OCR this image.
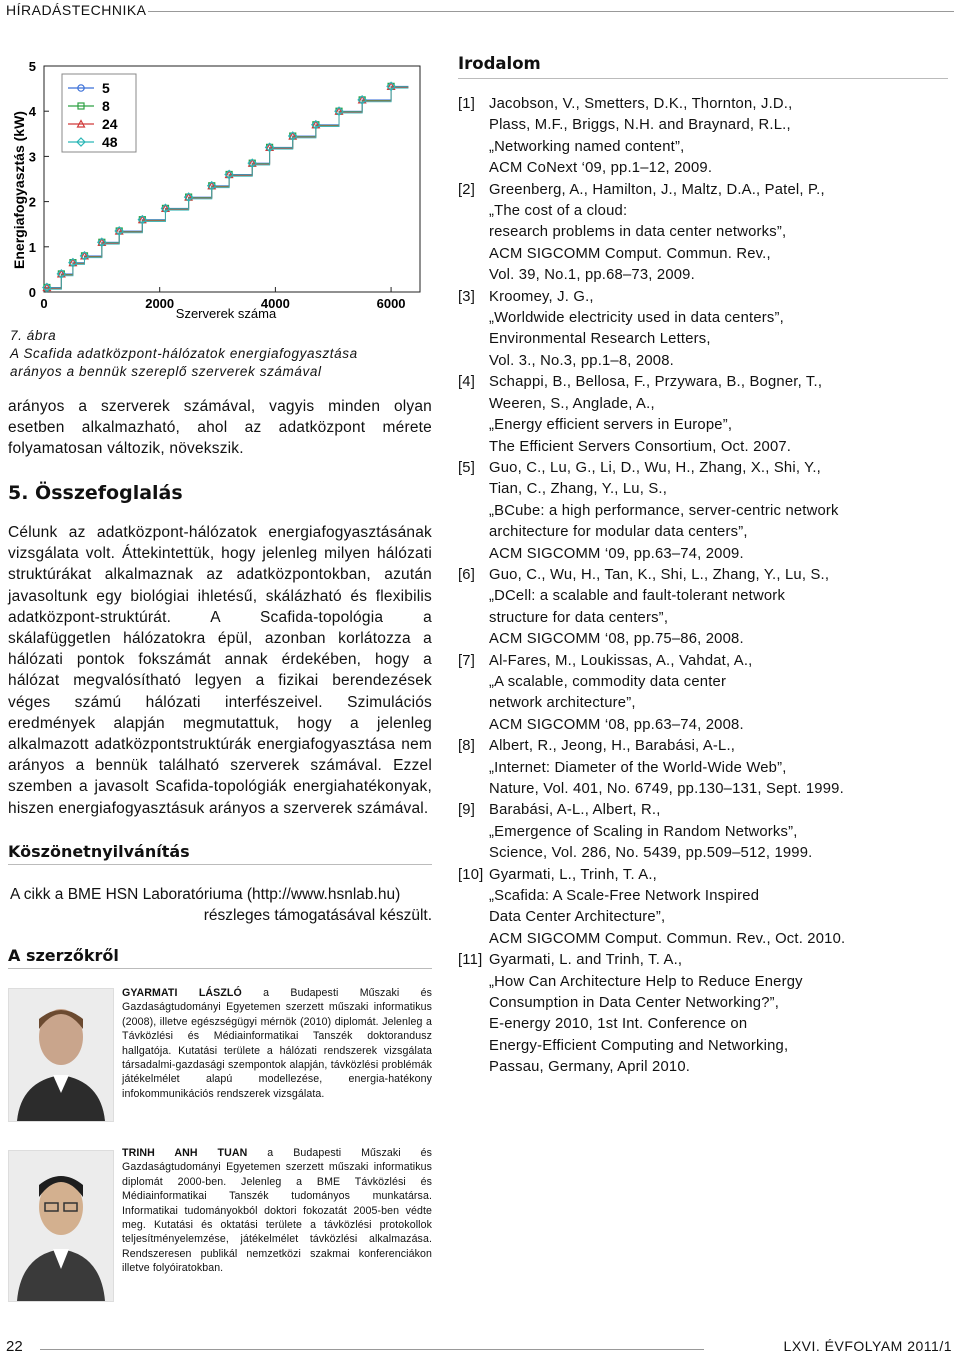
HÍRADÁSTECHNIKA
0
1
2
3
4
5
0	2000	4000	6000
5
8
24
48
Energiafogyasztás (kW)
Szerverek száma
7. ábra
A Scafida adatközpont-hálózatok energiafogyasztása
arányos a bennük szereplő szerverek számával

arányos a szerverek számával, vagyis minden olyan esetben alkalmazható, ahol az adatközpont mérete folyamatosan változik, növekszik.

5. Összefoglalás

Célunk az adatközpont-hálózatok energiafogyasztásának vizsgálata volt. Áttekintettük, hogy jelenleg milyen hálózati struktúrákat alkalmaznak az adatközpontokban, azután javasoltunk egy biológiai ihletésű, skálázható és flexibilis adatközpont-struktúrát. A Scafida-topológia a skálafüggetlen hálózatokra épül, azonban korlátozza a hálózati pontok fokszámát annak érdekében, hogy a hálózat megvalósítható legyen a fizikai berendezések véges számú hálózati interfészeivel. Szimulációs eredmények alapján megmutattuk, hogy a jelenleg alkalmazott adatközpontstruktúrák energiafogyasztása nem arányos a bennük található szerverek számával. Ezzel szemben a javasolt Scafida-topológiák energiahatékonyak, hiszen energiafogyasztásuk arányos a szerverek számával.

Köszönetnyilvánítás
A cikk a BME HSN Laboratóriuma (http://www.hsnlab.hu)
részleges támogatásával készült.
A szerzőkről
GYARMATI LÁSZLÓ a Budapesti Műszaki és Gazdaságtudományi Egyetemen szerzett műszaki informatikus (2008), illetve egészségügyi mérnök (2010) diplomát. Jelenleg a Távközlési és Médiainformatikai Tanszék doktorandusz hallgatója. Kutatási területe a hálózati rendszerek vizsgálata társadalmi-gazdasági szempontok alapján, távközlési problémák játékelmélet alapú modellezése, energia-hatékony infokommunikációs rendszerek vizsgálata.
TRINH ANH TUAN a Budapesti Műszaki és Gazdaságtudományi Egyetemen szerzett műszaki informatikus diplomát 2000-ben. Jelenleg a BME Távközlési és Médiainformatikai Tanszék tudományos munkatársa. Informatikai tudományokból doktori fokozatát 2005-ben védte meg. Kutatási és oktatási területe a távközlési protokollok teljesítményelemzése, játékelmélet távközlési alkalmazása. Rendszeresen publikál nemzetközi szakmai konferenciákon illetve folyóiratokban.
Irodalom
[1] Jacobson, V., Smetters, D.K., Thornton, J.D.,
Plass, M.F., Briggs, N.H. and Braynard, R.L.,
„Networking named content”,
ACM CoNext ‘09, pp.1–12, 2009.
[2] Greenberg, A., Hamilton, J., Maltz, D.A., Patel, P.,
„The cost of a cloud:
research problems in data center networks”,
ACM SIGCOMM Comput. Commun. Rev.,
Vol. 39, No.1, pp.68–73, 2009.
[3] Kroomey, J. G.,
„Worldwide electricity used in data centers”,
Environmental Research Letters,
Vol. 3., No.3, pp.1–8, 2008.
[4] Schappi, B., Bellosa, F., Przywara, B., Bogner, T.,
Weeren, S., Anglade, A.,
„Energy efficient servers in Europe”,
The Efficient Servers Consortium, Oct. 2007.
[5] Guo, C., Lu, G., Li, D., Wu, H., Zhang, X., Shi, Y.,
Tian, C., Zhang, Y., Lu, S.,
„BCube: a high performance, server-centric network
architecture for modular data centers”,
ACM SIGCOMM ‘09, pp.63–74, 2009.
[6] Guo, C., Wu, H., Tan, K., Shi, L., Zhang, Y., Lu, S.,
„DCell: a scalable and fault-tolerant network
structure for data centers”,
ACM SIGCOMM ‘08, pp.75–86, 2008.
[7] Al-Fares, M., Loukissas, A., Vahdat, A.,
„A scalable, commodity data center
network architecture”,
ACM SIGCOMM ‘08, pp.63–74, 2008.
[8] Albert, R., Jeong, H., Barabási, A-L.,
„Internet: Diameter of the World-Wide Web”,
Nature, Vol. 401, No. 6749, pp.130–131, Sept. 1999.
[9] Barabási, A-L., Albert, R.,
„Emergence of Scaling in Random Networks”,
Science, Vol. 286, No. 5439, pp.509–512, 1999.
[10] Gyarmati, L., Trinh, T. A.,
„Scafida: A Scale-Free Network Inspired
Data Center Architecture”,
ACM SIGCOMM Comput. Commun. Rev., Oct. 2010.
[11] Gyarmati, L. and Trinh, T. A.,
„How Can Architecture Help to Reduce Energy
Consumption in Data Center Networking?”,
E-energy 2010, 1st Int. Conference on
Energy-Efficient Computing and Networking,
Passau, Germany, April 2010.
22	LXVI. ÉVFOLYAM 2011/1
